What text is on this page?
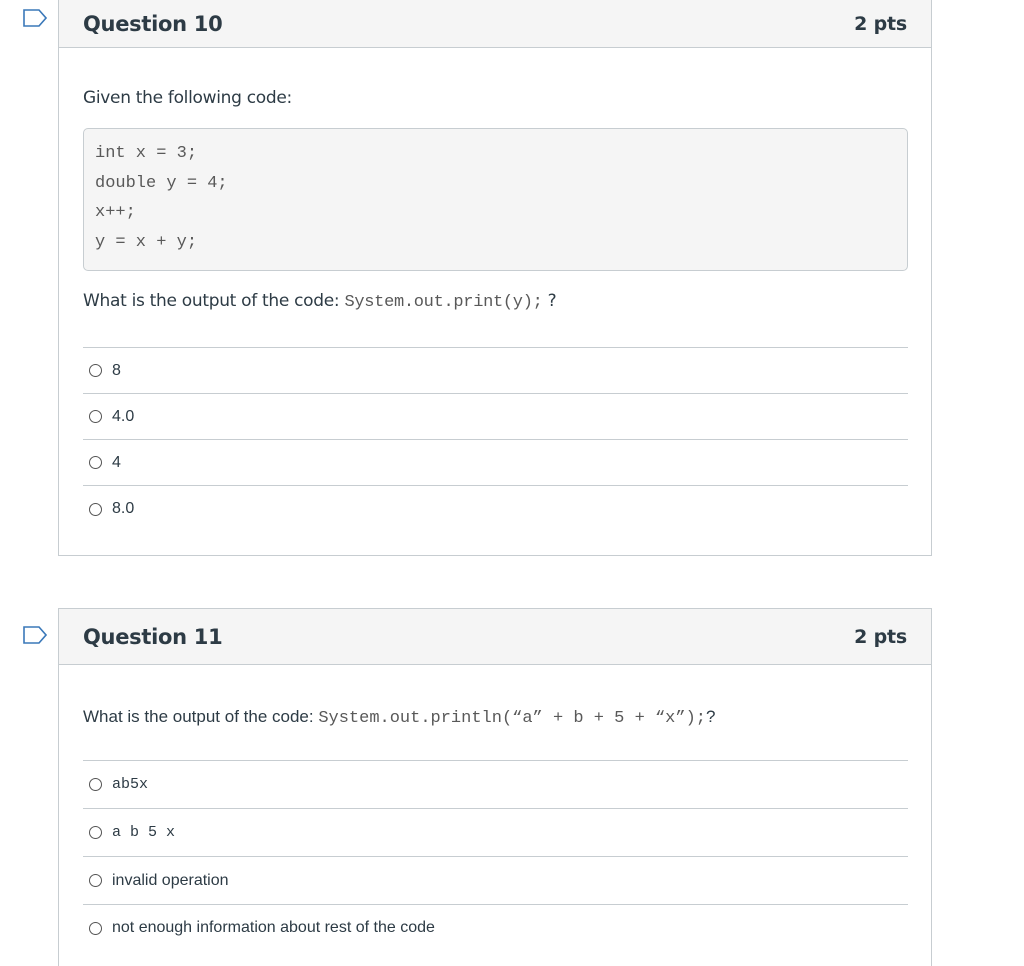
Question 10	2 pts

Given the following code:

int x = 3;
double y = 4;
x++;
y = x + y;
What is the output of the code: System.out.print(y); ?
8
4.0
4
8.0
Question 11	2 pts
What is the output of the code: System.out.println(“a” + b + 5 + “x”);?
ab5x
a b 5 x
invalid operation
not enough information about rest of the code
